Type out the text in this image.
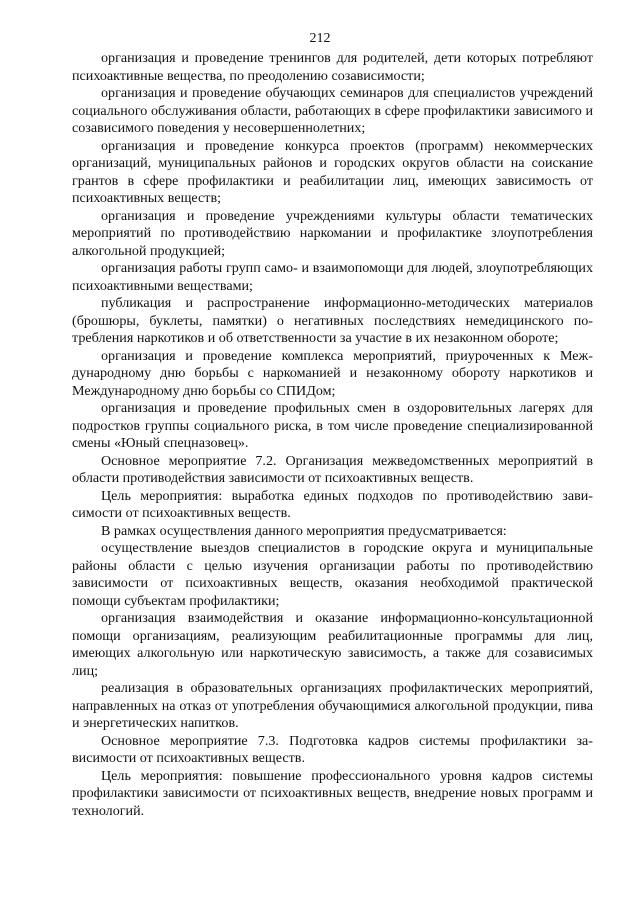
212

организация и проведение тренингов для родителей, дети которых потребляют психоактивные вещества, по преодолению созависимости;

организация и проведение обучающих семинаров для специалистов учреждений социального обслуживания области, работающих в сфере профилактики зависимого и созависимого поведения у несовершеннолетних;

организация и проведение конкурса проектов (программ) некоммерческих организаций, муниципальных районов и городских округов области на соискание грантов в сфере профилактики и реабилитации лиц, имеющих зависимость от психоактивных веществ;

организация и проведение учреждениями культуры области тематических мероприятий по противодействию наркомании и профилактике злоупотребления алкогольной продукцией;

организация работы групп само- и взаимопомощи для людей, злоупотребляющих психоактивными веществами;

публикация и распространение информационно-методических материалов (брошюры, буклеты, памятки) о негативных последствиях немедицинского потребления наркотиков и об ответственности за участие в их незаконном обороте;

организация и проведение комплекса мероприятий, приуроченных к Международному дню борьбы с наркоманией и незаконному обороту наркотиков и Международному дню борьбы со СПИДом;

организация и проведение профильных смен в оздоровительных лагерях для подростков группы социального риска, в том числе проведение специализированной смены «Юный спецназовец».

Основное мероприятие 7.2. Организация межведомственных мероприятий в области противодействия зависимости от психоактивных веществ.

Цель мероприятия: выработка единых подходов по противодействию зависимости от психоактивных веществ.

В рамках осуществления данного мероприятия предусматривается:

осуществление выездов специалистов в городские округа и муниципальные районы области с целью изучения организации работы по противодействию зависимости от психоактивных веществ, оказания необходимой практической помощи субъектам профилактики;

организация взаимодействия и оказание информационно-консультационной помощи организациям, реализующим реабилитационные программы для лиц, имеющих алкогольную или наркотическую зависимость, а также для созависимых лиц;

реализация в образовательных организациях профилактических мероприятий, направленных на отказ от употребления обучающимися алкогольной продукции, пива и энергетических напитков.

Основное мероприятие 7.3. Подготовка кадров системы профилактики зависимости от психоактивных веществ.

Цель мероприятия: повышение профессионального уровня кадров системы профилактики зависимости от психоактивных веществ, внедрение новых программ и технологий.
